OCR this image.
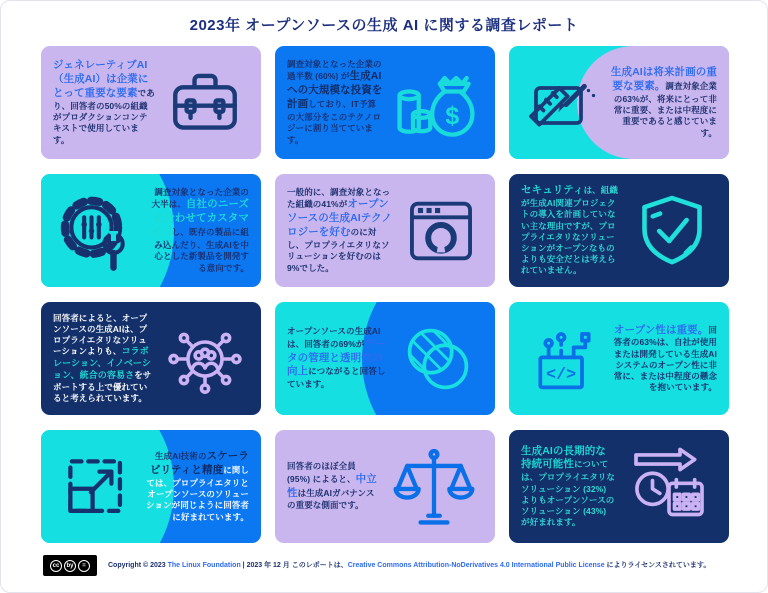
2023年 オープンソースの生成 AI に関する調査レポート
ジェネレーティブAI（生成AI）は企業にとって重要な要素であり、回答者の50%の組織がプロダクションコンテキストで使用しています。
調査対象となった企業の過半数 (60%) が生成AIへの大規模な投資を計画しており、IT予算の大部分をこのテクノロジーに割り当てています。
$
生成AIは将来計画の重要な要素。調査対象企業の63%が、将来にとって非常に重要、または中程度に重要であると感じています。
調査対象となった企業の大半は、自社のニーズに合わせてカスタマイズし、既存の製品に組み込んだり、生成AIを中心とした新製品を開発する意向です。
一般的に、調査対象となった組織の41%がオープンソースの生成AIテクノロジーを好むのに対し、プロプライエタリなソリューションを好むのは9%でした。
セキュリティは、組織が生成AI関連プロジェクトの導入を計画していない主な理由ですが、プロプライエタリなソリューションがオープンなものよりも安全だとは考えられていません。
回答者によると、オープンソースの生成AIは、プロプライエタリなソリューションよりも、コラボレーション、イノベーション、統合の容易さをサポートする上で優れていると考えられています。
オープンソースの生成AIは、回答者の69%がデータの管理と透明性の向上につながると回答しています。	</>
オープン性は重要。回答者の63%は、自社が使用または開発している生成AIシステムのオープン性に非常に、または中程度の懸念を抱いています。
生成AI技術のスケーラビリティと精度に関しては、プロプライエタリとオープンソースのソリューションが同じように回答者に好まれています。
回答者のほぼ全員 (95%) によると、中立性は生成AIガバナンスの重要な側面です。
生成AIの長期的な持続可能性については、プロプライエタリなソリューション (32%) よりもオープンソースのソリューション (43%) が好まれます。
cc	by	=	Copyright © 2023 The Linux Foundation | 2023 年 12 月 このレポートは、Creative Commons Attribution-NoDerivatives 4.0 International Public License によりライセンスされています。
